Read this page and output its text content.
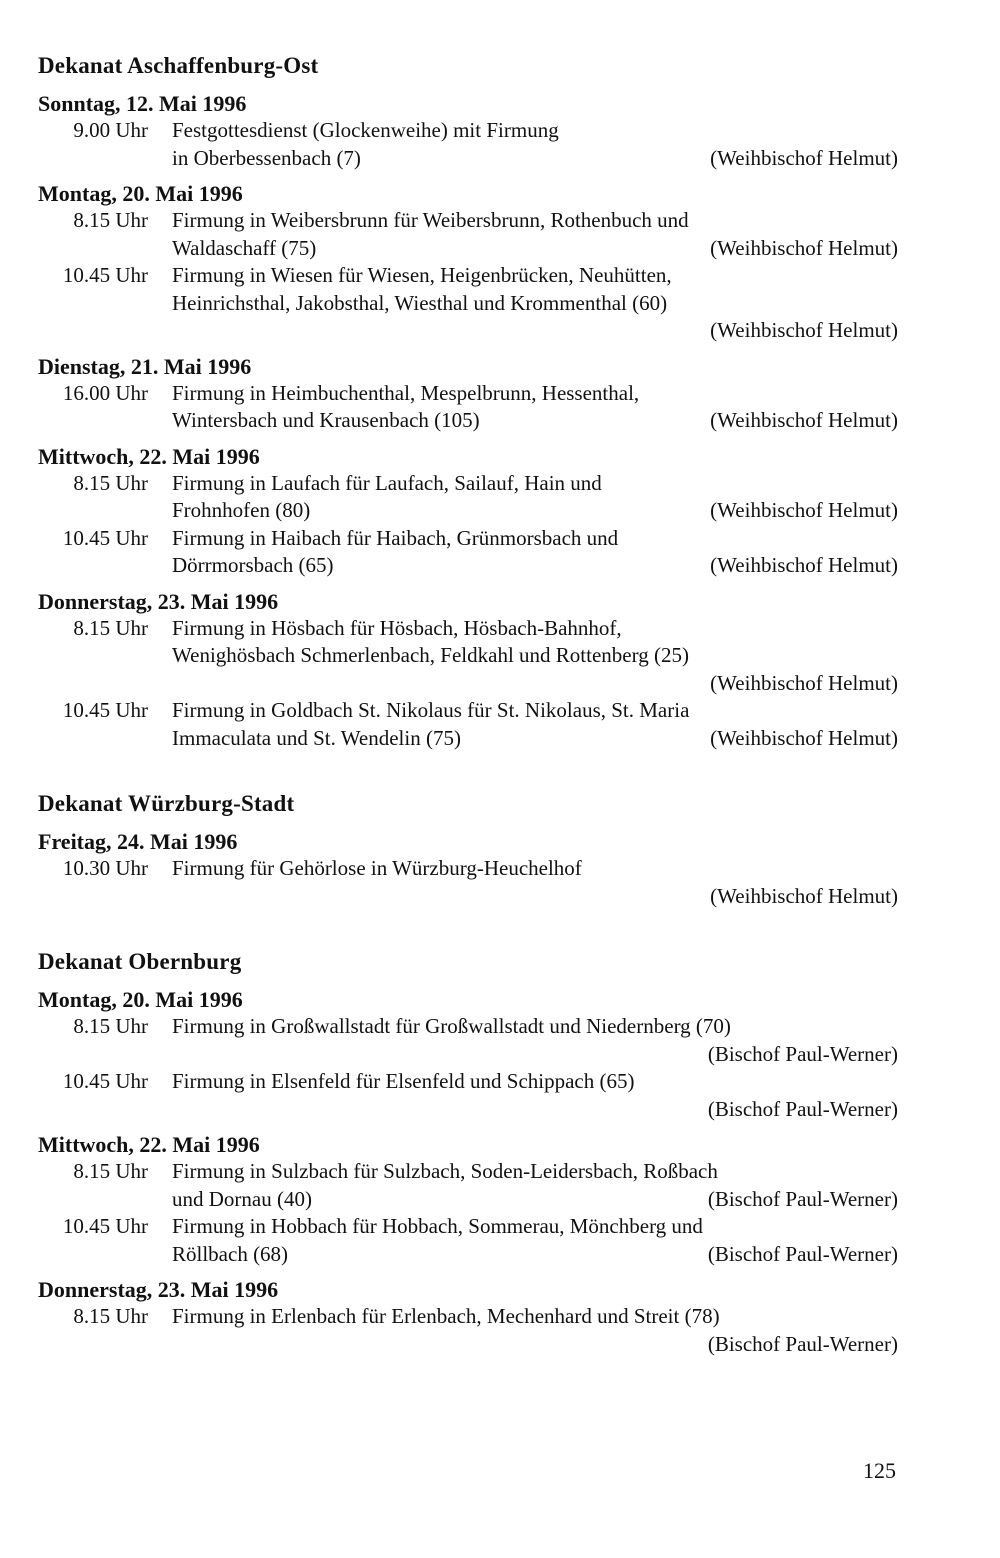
Dekanat Aschaffenburg-Ost
Sonntag, 12. Mai 1996
9.00 Uhr	Festgottesdienst (Glockenweihe) mit Firmung
in Oberbessenbach (7)	(Weihbischof Helmut)
Montag, 20. Mai 1996
8.15 Uhr	Firmung in Weibersbrunn für Weibersbrunn, Rothenbuch und
Waldaschaff (75)	(Weihbischof Helmut)
10.45 Uhr	Firmung in Wiesen für Wiesen, Heigenbrücken, Neuhütten,
Heinrichsthal, Jakobsthal, Wiesthal und Krommenthal (60)
(Weihbischof Helmut)
Dienstag, 21. Mai 1996
16.00 Uhr	Firmung in Heimbuchenthal, Mespelbrunn, Hessenthal,
Wintersbach und Krausenbach (105)	(Weihbischof Helmut)
Mittwoch, 22. Mai 1996
8.15 Uhr	Firmung in Laufach für Laufach, Sailauf, Hain und
Frohnhofen (80)	(Weihbischof Helmut)
10.45 Uhr	Firmung in Haibach für Haibach, Grünmorsbach und
Dörrmorsbach (65)	(Weihbischof Helmut)
Donnerstag, 23. Mai 1996
8.15 Uhr	Firmung in Hösbach für Hösbach, Hösbach-Bahnhof,
Wenighösbach Schmerlenbach, Feldkahl und Rottenberg (25)
(Weihbischof Helmut)
10.45 Uhr	Firmung in Goldbach St. Nikolaus für St. Nikolaus, St. Maria
Immaculata und St. Wendelin (75)	(Weihbischof Helmut)
Dekanat Würzburg-Stadt
Freitag, 24. Mai 1996
10.30 Uhr	Firmung für Gehörlose in Würzburg-Heuchelhof
(Weihbischof Helmut)
Dekanat Obernburg
Montag, 20. Mai 1996
8.15 Uhr	Firmung in Großwallstadt für Großwallstadt und Niedernberg (70)
(Bischof Paul-Werner)
10.45 Uhr	Firmung in Elsenfeld für Elsenfeld und Schippach (65)
(Bischof Paul-Werner)
Mittwoch, 22. Mai 1996
8.15 Uhr	Firmung in Sulzbach für Sulzbach, Soden-Leidersbach, Roßbach
und Dornau (40)	(Bischof Paul-Werner)
10.45 Uhr	Firmung in Hobbach für Hobbach, Sommerau, Mönchberg und
Röllbach (68)	(Bischof Paul-Werner)
Donnerstag, 23. Mai 1996
8.15 Uhr	Firmung in Erlenbach für Erlenbach, Mechenhard und Streit (78)
(Bischof Paul-Werner)
125
